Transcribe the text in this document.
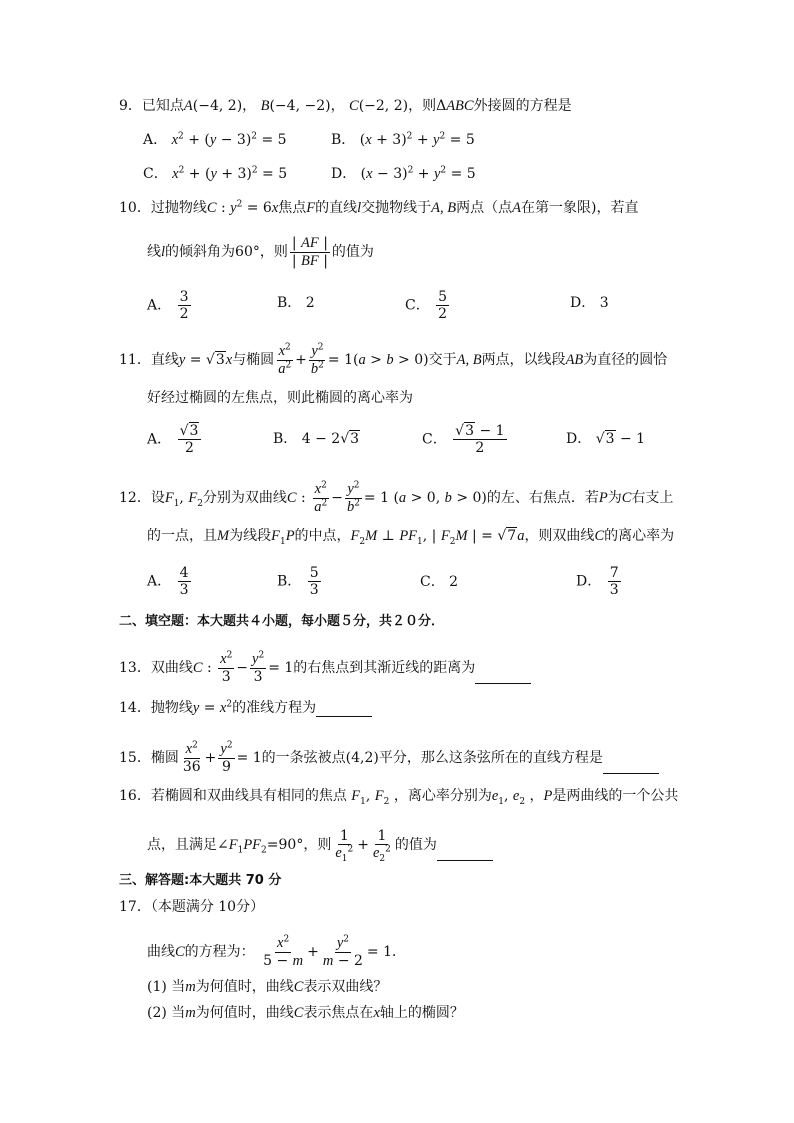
9．已知点A(−4, 2)， B(−4, −2)， C(−2, 2)，则ΔABC外接圆的方程是
A． $x^2 + (y - 3)^2 = 5$	B． $(x + 3)^2 + y^2 = 5$
C． $x^2 + (y + 3)^2 = 5$	D． $(x - 3)^2 + y^2 = 5$
10．过抛物线C : $y^2 = 6x$焦点F的直线l交抛物线于A, B两点（点A在第一象限)，若直
线l的倾斜角为60°，则 $\frac{| AF |}{| BF |}$ 的值为
A． $\frac{3}{2}$	B． 2	C． $\frac{5}{2}$	D． 3
11．直线y = √3x与椭圆 $\frac{x^2}{a^2} + \frac{y^2}{b^2} = 1(a > b > 0)$交于A, B两点，以线段AB为直径的圆恰
好经过椭圆的左焦点，则此椭圆的离心率为
A． $\frac{√3}{2}$	B． 4 − 2√3	C． $\frac{√3 - 1}{2}$	D． √3 − 1
12．设$F_1$, $F_2$分别为双曲线C : $\frac{x^2}{a^2} - \frac{y^2}{b^2} = 1$ (a > 0, b > 0)的左、右焦点．若P为C右支上
的一点，且M为线段$F_1P$的中点，$F_2M$ ⊥ $PF_1$, | $F_2M$ | = √7a，则双曲线C的离心率为
A． $\frac{4}{3}$	B． $\frac{5}{3}$	C． 2	D． $\frac{7}{3}$
二、填空题：本大题共４小题，每小题５分，共２０分．
13．双曲线C : $\frac{x^2}{3} - \frac{y^2}{3} = 1$的右焦点到其渐近线的距离为
14．抛物线$y = x^2$的准线方程为
15．椭圆 $\frac{x^2}{36} + \frac{y^2}{9} = 1$的一条弦被点(4,2)平分，那么这条弦所在的直线方程是
16．若椭圆和双曲线具有相同的焦点 $F_1$, $F_2$ ，离心率分别为$e_1$, $e_2$ ，P是两曲线的一个公共
点，且满足$\angle F_1PF_2=90^\circ$，则 $\frac{1}{e_1^2} + \frac{1}{e_2^2}$ 的值为
三、解答题:本大题共 70 分
17．（本题满分 10分）
曲线C的方程为： $\frac{x^2}{5 - m} + \frac{y^2}{m - 2} = 1$．
(1) 当m为何值时，曲线C表示双曲线？
(2) 当m为何值时，曲线C表示焦点在x轴上的椭圆？
